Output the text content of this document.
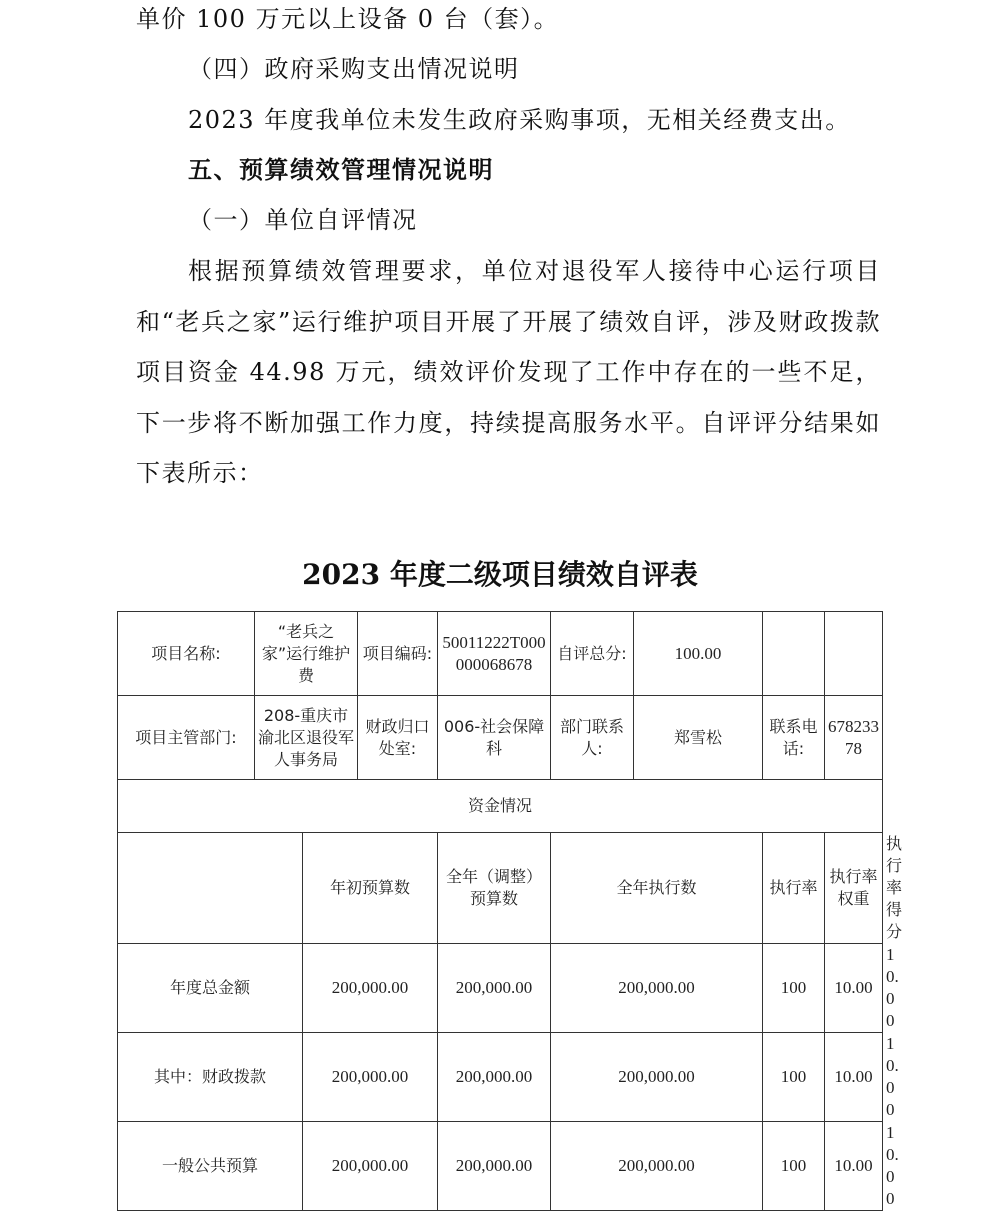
单价 100 万元以上设备 0 台（套）。

（四）政府采购支出情况说明

2023 年度我单位未发生政府采购事项，无相关经费支出。

五、预算绩效管理情况说明

（一）单位自评情况

根据预算绩效管理要求，单位对退役军人接待中心运行项目和“老兵之家”运行维护项目开展了开展了绩效自评，涉及财政拨款项目资金 44.98 万元，绩效评价发现了工作中存在的一些不足，下一步将不断加强工作力度，持续提高服务水平。自评评分结果如下表所示：

2023 年度二级项目绩效自评表
项目名称:	“老兵之家”运行维护费		项目编码:	50011222T000000068678	自评总分:	100.00			
项目主管部门:	208-重庆市渝北区退役军人事务局		财政归口处室:	006-社会保障科	部门联系人:	郑雪松	联系电话:	67823378	
资金情况									
		年初预算数		全年（调整）预算数	全年执行数		执行率	执行率权重	执行率得分
年度总金额		200,000.00		200,000.00	200,000.00		100	10.00	10.00
其中：财政拨款		200,000.00		200,000.00	200,000.00		100	10.00	10.00
一般公共预算		200,000.00		200,000.00	200,000.00		100	10.00	10.00
